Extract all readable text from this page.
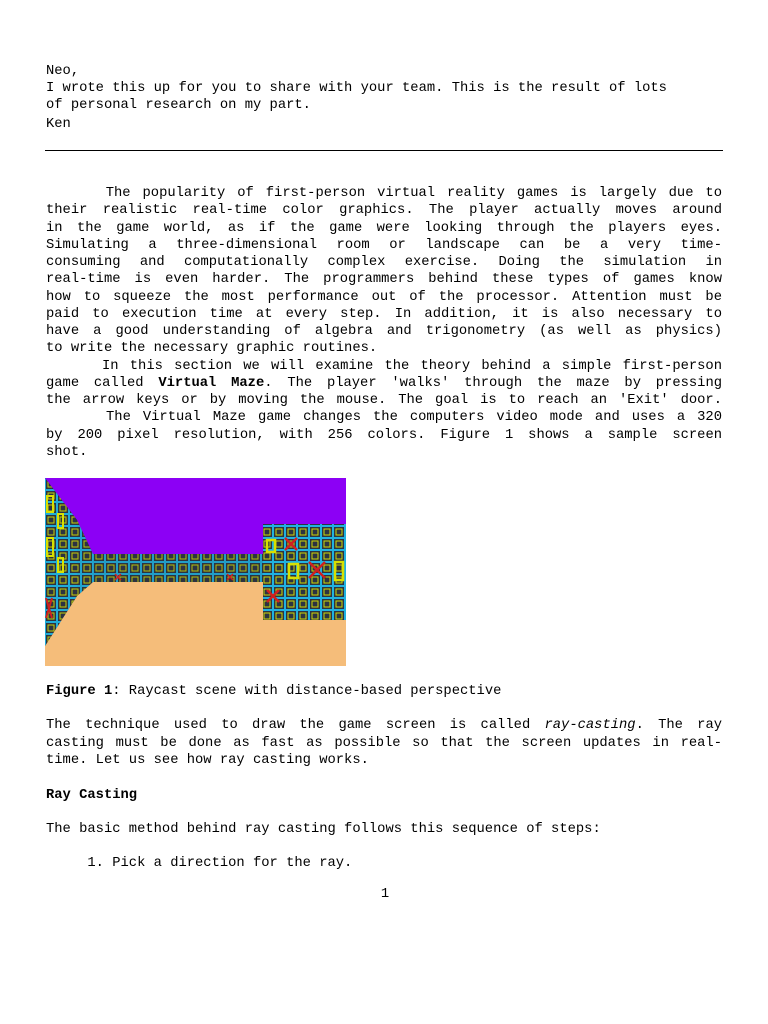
Neo,
I wrote this up for you to share with your team. This is the result of lots
of personal research on my part.
Ken
The popularity of first-person virtual reality games is largely due to
their realistic real-time color graphics. The player actually moves around
in the game world, as if the game were looking through the players eyes.
Simulating a three-dimensional room or landscape can be a very time-
consuming and computationally complex exercise. Doing the simulation in
real-time is even harder. The programmers behind these types of games know
how to squeeze the most performance out of the processor. Attention must be
paid to execution time at every step. In addition, it is also necessary to
have a good understanding of algebra and trigonometry (as well as physics)
to write the necessary graphic routines.
In this section we will examine the theory behind a simple first-person
game called Virtual Maze. The player 'walks' through the maze by pressing
the arrow keys or by moving the mouse. The goal is to reach an 'Exit' door.
The Virtual Maze game changes the computers video mode and uses a 320
by 200 pixel resolution, with 256 colors. Figure 1 shows a sample screen
shot.
Figure 1: Raycast scene with distance-based perspective
The technique used to draw the game screen is called ray-casting. The ray
casting must be done as fast as possible so that the screen updates in real-
time. Let us see how ray casting works.
Ray Casting
The basic method behind ray casting follows this sequence of steps:
1. Pick a direction for the ray.
1
